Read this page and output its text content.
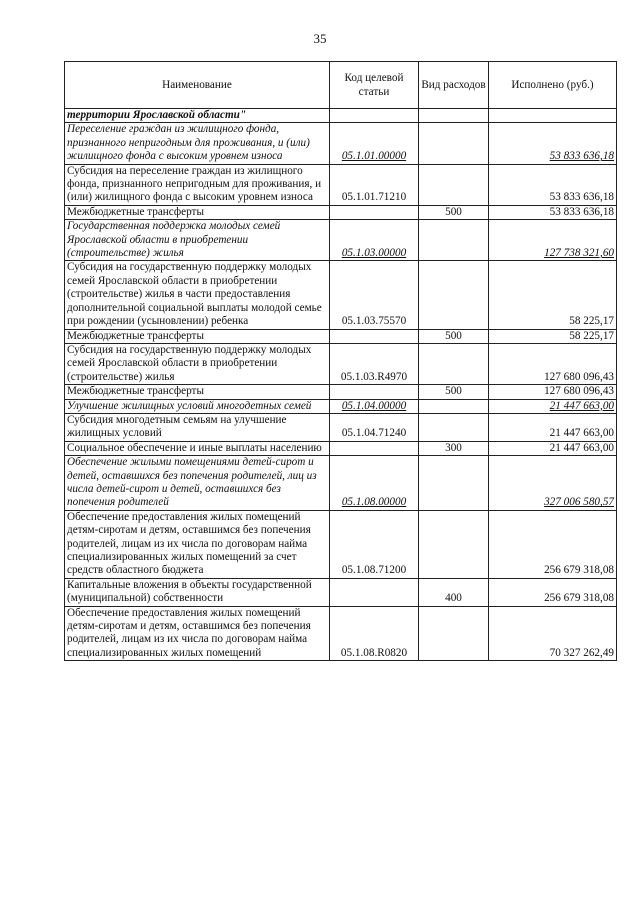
35
Наименование	Код целевой статьи	Вид расходов	Исполнено (руб.)
территории Ярославской области"			
Переселение граждан из жилищного фонда, признанного непригодным для проживания, и (или) жилищного фонда с высоким уровнем износа	05.1.01.00000		53 833 636,18
Субсидия на переселение граждан из жилищного фонда, признанного непригодным для проживания, и (или) жилищного фонда с высоким уровнем износа	05.1.01.71210		53 833 636,18
Межбюджетные трансферты		500	53 833 636,18
Государственная поддержка молодых семей Ярославской области в приобретении (строительстве) жилья	05.1.03.00000		127 738 321,60
Субсидия на государственную поддержку молодых семей Ярославской области в приобретении (строительстве) жилья в части предоставления дополнительной социальной выплаты молодой семье при рождении (усыновлении) ребенка	05.1.03.75570		58 225,17
Межбюджетные трансферты		500	58 225,17
Субсидия на государственную поддержку молодых семей Ярославской области в приобретении (строительстве) жилья	05.1.03.R4970		127 680 096,43
Межбюджетные трансферты		500	127 680 096,43
Улучшение жилищных условий многодетных семей	05.1.04.00000		21 447 663,00
Субсидия многодетным семьям на улучшение жилищных условий	05.1.04.71240		21 447 663,00
Социальное обеспечение и иные выплаты населению		300	21 447 663,00
Обеспечение жилыми помещениями детей-сирот и детей, оставшихся без попечения родителей, лиц из числа детей-сирот и детей, оставшихся без попечения родителей	05.1.08.00000		327 006 580,57
Обеспечение предоставления жилых помещений детям-сиротам и детям, оставшимся без попечения родителей, лицам из их числа по договорам найма специализированных жилых помещений за счет средств областного бюджета	05.1.08.71200		256 679 318,08
Капитальные вложения в объекты государственной (муниципальной) собственности		400	256 679 318,08
Обеспечение предоставления жилых помещений детям-сиротам и детям, оставшимся без попечения родителей, лицам из их числа по договорам найма специализированных жилых помещений	05.1.08.R0820		70 327 262,49
